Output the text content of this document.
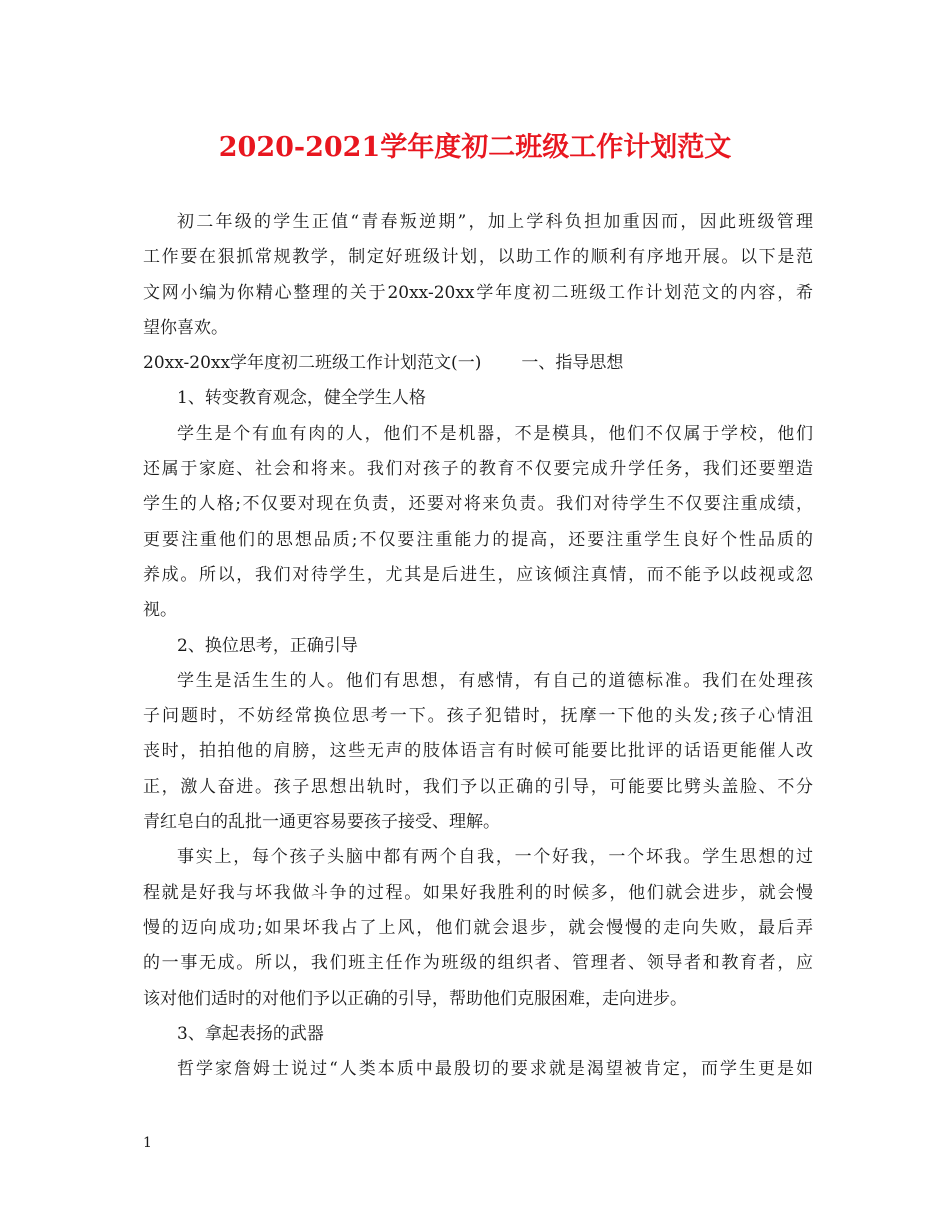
2020-2021学年度初二班级工作计划范文
初二年级的学生正值“青春叛逆期”，加上学科负担加重因而，因此班级管理
工作要在狠抓常规教学，制定好班级计划，以助工作的顺利有序地开展。以下是范
文网小编为你精心整理的关于20xx-20xx学年度初二班级工作计划范文的内容，希
望你喜欢。
20xx-20xx学年度初二班级工作计划范文(一) 一、指导思想
1、转变教育观念，健全学生人格
学生是个有血有肉的人，他们不是机器，不是模具，他们不仅属于学校，他们
还属于家庭、社会和将来。我们对孩子的教育不仅要完成升学任务，我们还要塑造
学生的人格;不仅要对现在负责，还要对将来负责。我们对待学生不仅要注重成绩，
更要注重他们的思想品质;不仅要注重能力的提高，还要注重学生良好个性品质的
养成。所以，我们对待学生，尤其是后进生，应该倾注真情，而不能予以歧视或忽
视。
2、换位思考，正确引导
学生是活生生的人。他们有思想，有感情，有自己的道德标准。我们在处理孩
子问题时，不妨经常换位思考一下。孩子犯错时，抚摩一下他的头发;孩子心情沮
丧时，拍拍他的肩膀，这些无声的肢体语言有时候可能要比批评的话语更能催人改
正，激人奋进。孩子思想出轨时，我们予以正确的引导，可能要比劈头盖脸、不分
青红皂白的乱批一通更容易要孩子接受、理解。
事实上，每个孩子头脑中都有两个自我，一个好我，一个坏我。学生思想的过
程就是好我与坏我做斗争的过程。如果好我胜利的时候多，他们就会进步，就会慢
慢的迈向成功;如果坏我占了上风，他们就会退步，就会慢慢的走向失败，最后弄
的一事无成。所以，我们班主任作为班级的组织者、管理者、领导者和教育者，应
该对他们适时的对他们予以正确的引导，帮助他们克服困难，走向进步。
3、拿起表扬的武器
哲学家詹姆士说过“人类本质中最殷切的要求就是渴望被肯定，而学生更是如
1
